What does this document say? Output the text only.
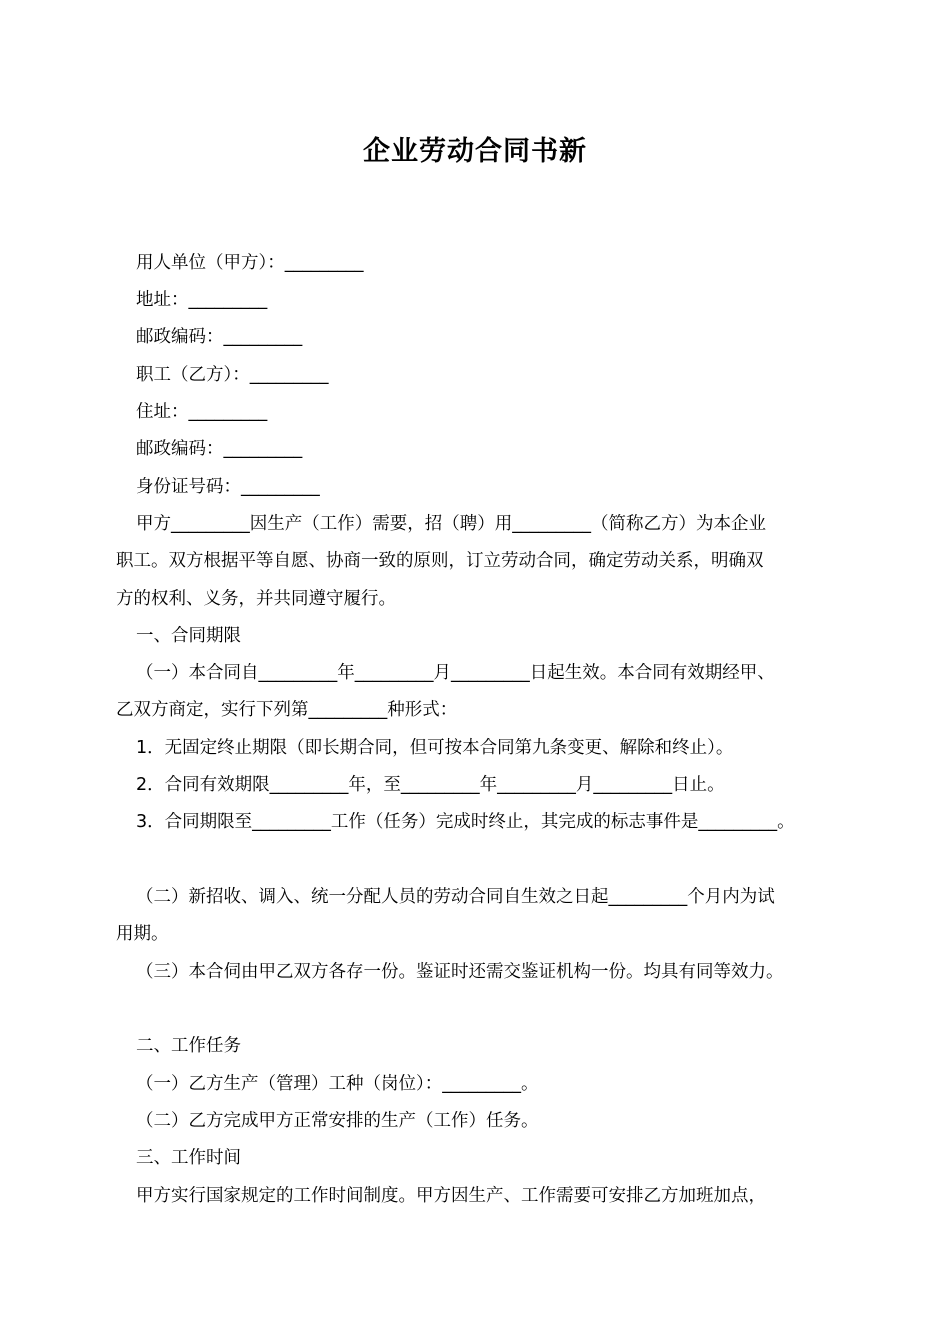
企业劳动合同书新
用人单位（甲方）：_________
地址：_________
邮政编码：_________
职工（乙方）：_________
住址：_________
邮政编码：_________
身份证号码：_________
甲方_________因生产（工作）需要，招（聘）用_________（简称乙方）为本企业
职工。双方根据平等自愿、协商一致的原则，订立劳动合同，确定劳动关系，明确双
方的权利、义务，并共同遵守履行。
一、合同期限
（一）本合同自_________年_________月_________日起生效。本合同有效期经甲、
乙双方商定，实行下列第_________种形式：
1．无固定终止期限（即长期合同，但可按本合同第九条变更、解除和终止）。
2．合同有效期限_________年，至_________年_________月_________日止。
3．合同期限至_________工作（任务）完成时终止，其完成的标志事件是_________。
（二）新招收、调入、统一分配人员的劳动合同自生效之日起_________个月内为试
用期。
（三）本合伺由甲乙双方各存一份。鉴证时还需交鉴证机构一份。均具有同等效力。
二、工作任务
（一）乙方生产（管理）工种（岗位）：_________。
（二）乙方完成甲方正常安排的生产（工作）任务。
三、工作时间
甲方实行国家规定的工作时间制度。甲方因生产、工作需要可安排乙方加班加点，
